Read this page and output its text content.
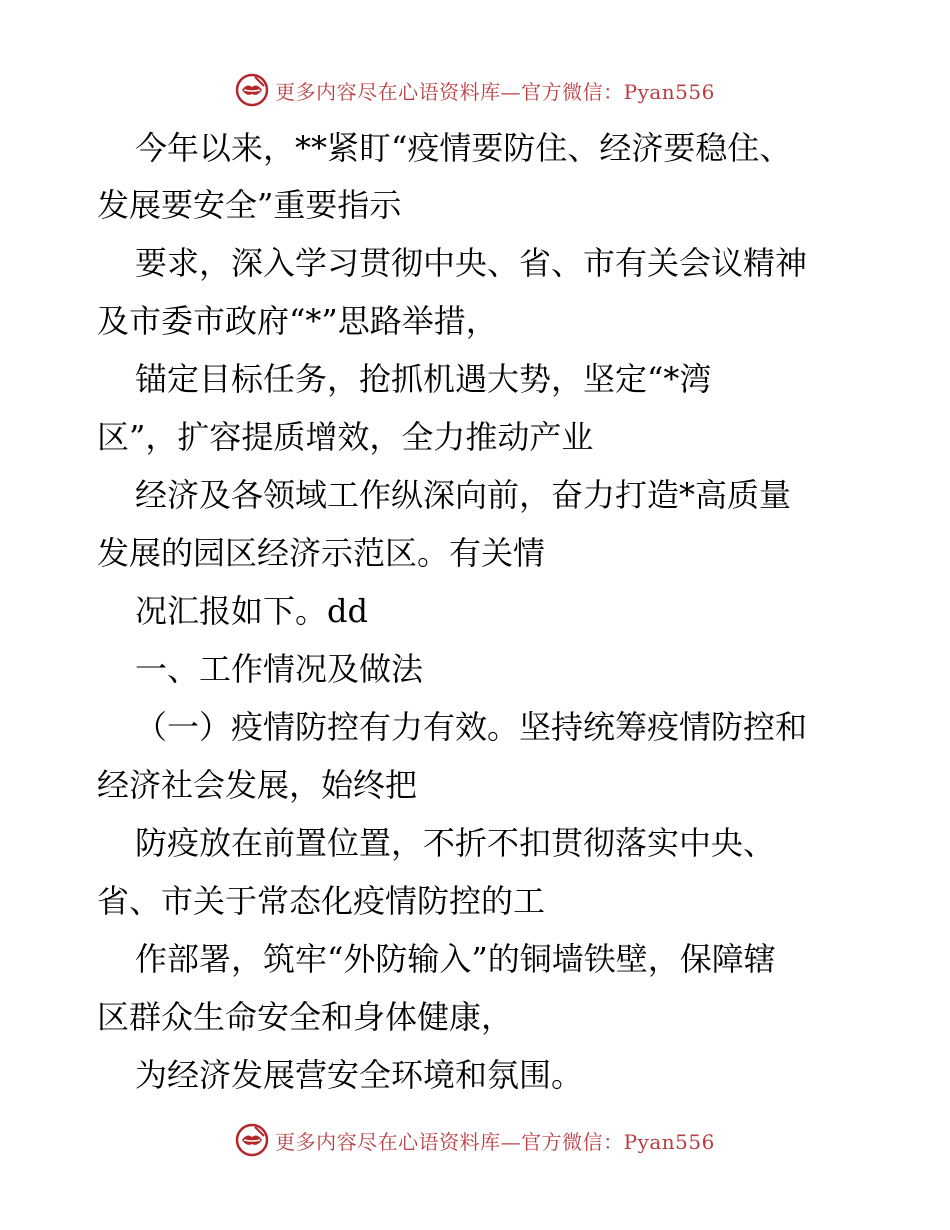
更多内容尽在心语资料库—官方微信：Pyan556
今年以来，**紧盯“疫情要防住、经济要稳住、
发展要安全”重要指示
要求，深入学习贯彻中央、省、市有关会议精神
及市委市政府“*”思路举措，
锚定目标任务，抢抓机遇大势，坚定“*湾
区”，扩容提质增效，全力推动产业
经济及各领域工作纵深向前，奋力打造*高质量
发展的园区经济示范区。有关情
况汇报如下。dd
一、工作情况及做法
（一）疫情防控有力有效。坚持统筹疫情防控和
经济社会发展，始终把
防疫放在前置位置，不折不扣贯彻落实中央、
省、市关于常态化疫情防控的工
作部署，筑牢“外防输入”的铜墙铁壁，保障辖
区群众生命安全和身体健康，
为经济发展营安全环境和氛围。
更多内容尽在心语资料库—官方微信：Pyan556
